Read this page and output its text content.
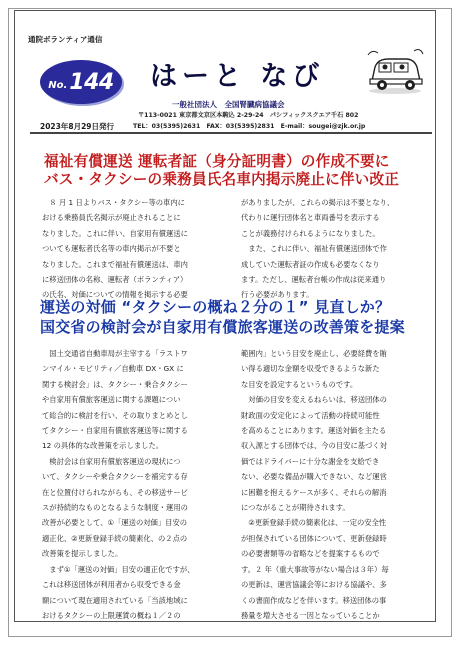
通院ボランティア通信
No. 144 はーと なび
一般社団法人　全国腎臓病協議会
〒113-0021 東京都文京区本駒込 2-29-24　パシフィックスクエア千石 802
2023年8月29日発行	TEL：03(5395)2631　FAX：03(5395)2831　E-mail：sougei@zjk.or.jp
福祉有償運送 運転者証（身分証明書）の作成不要に
バス・タクシーの乗務員氏名車内掲示廃止に伴い改正

　８ 月 1 日よりバス・タクシー等の車内に

おける乗務員氏名掲示が廃止されることに

なりました。これに伴い、自家用有償運送に

ついても運転者氏名等の車内掲示が不要と

なりました。これまで福祉有償運送は、車内

に移送団体の名称、運転者（ボランティア）

の氏名、対価についての情報を掲示する必要

がありましたが、これらの掲示は不要となり、

代わりに運行団体名と車両番号を表示する

ことが義務付けられるようになりました。

　また、これに伴い、福祉有償運送団体で作

成していた運転者証の作成も必要なくなり

ます。ただし、運転者台帳の作成は従来通り

行う必要があります。

運送の対価 “タクシーの概ね２分の１” 見直しか？
国交省の検討会が自家用有償旅客運送の改善策を提案

　国土交通省自動車局が主宰する「ラストワ

ンマイル・モビリティ／自動車 DX・GX に

関する検討会」は、タクシー・乗合タクシー

や自家用有償旅客運送に関する課題につい

て総合的に検討を行い、その取りまとめとし

てタクシー・自家用有償旅客運送等に関する

12 の具体的な改善策を示しました。

　検討会は自家用有償旅客運送の現状につ

いて、タクシーや乗合タクシーを補完する存

在と位置付けられながらも、その移送サービ

スが持続的なものとなるような制度・運用の

改善が必要として、①「運送の対価」目安の

適正化、②更新登録手続の簡素化、の２点の

改善策を提示しました。

　まず①「運送の対価」目安の適正化ですが、

これは移送団体が利用者から収受できる金

額について現在適用されている「当該地域に

おけるタクシーの上限運賃の概ね１／２の

範囲内」という目安を廃止し、必要経費を賄

い得る適切な金額を収受できるような新た

な目安を設定するというものです。

　対価の目安を変えるねらいは、移送団体の

財政面の安定化によって活動の持続可能性

を高めることにあります。運送対価を主たる

収入源とする団体では、今の目安に基づく対

価ではドライバーに十分な謝金を支給でき

ない、必要な備品が購入できない、など運営

に困難を抱えるケースが多く、それらの解消

につながることが期待されます。

　②更新登録手続の簡素化は、一定の安全性

が担保されている団体について、更新登録時

の必要書類等の省略などを提案するもので

す。２ 年（重大事故等がない場合は３年）毎

の更新は、運営協議会等における協議や、多

くの書面作成などを伴います。移送団体の事

務量を増大させる一因となっていることか
